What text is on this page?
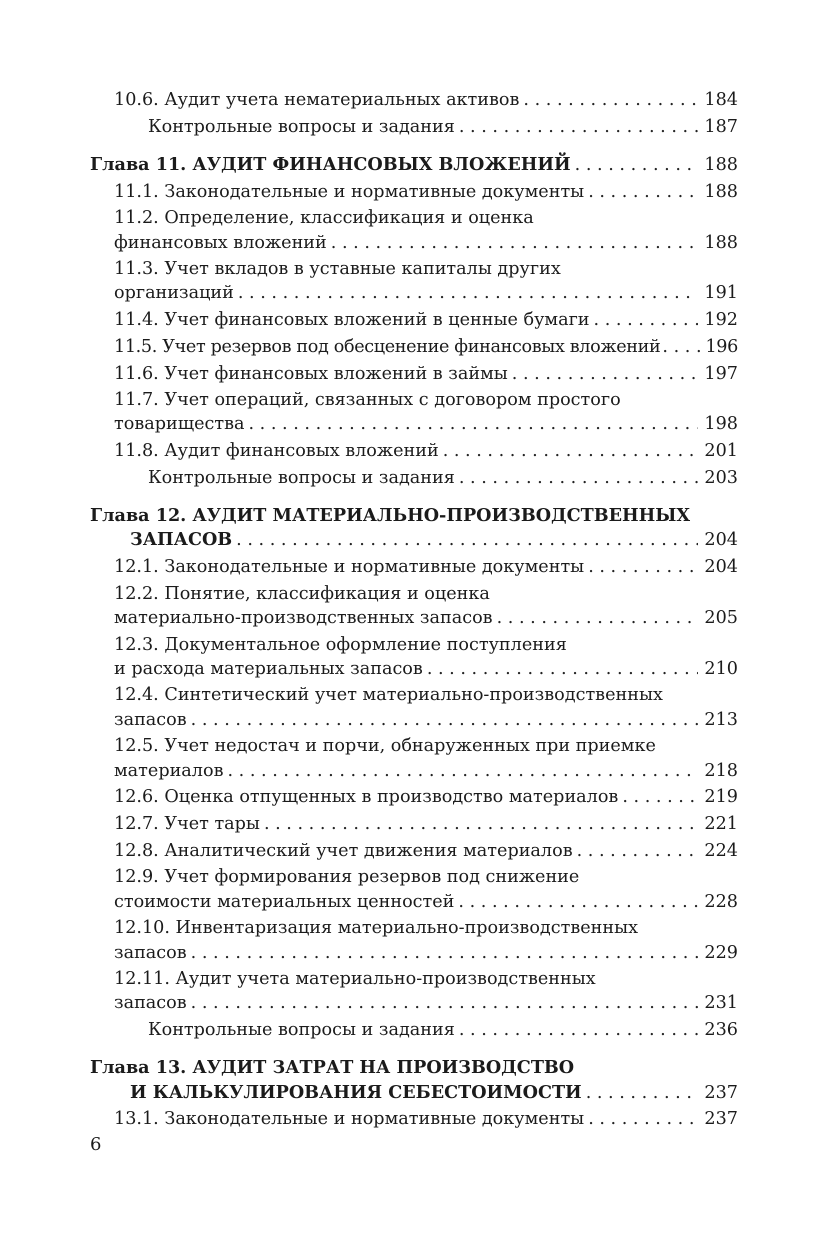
10.6. Аудит учета нематериальных активов . . .	184
Контрольные вопросы и задания . . .	187
Глава 11. АУДИТ ФИНАНСОВЫХ ВЛОЖЕНИЙ . . .	188
11.1. Законодательные и нормативные документы . . .	188
11.2. Определение, классификация и оценка
финансовых вложений . . .	188
11.3. Учет вкладов в уставные капиталы других
организаций . . .	191
11.4. Учет финансовых вложений в ценные бумаги . . .	192
11.5. Учет резервов под обесценение финансовых вложений . . .	196
11.6. Учет финансовых вложений в займы . . .	197
11.7. Учет операций, связанных с договором простого
товарищества . . .	198
11.8. Аудит финансовых вложений . . .	201
Контрольные вопросы и задания . . .	203
Глава 12. АУДИТ МАТЕРИАЛЬНО-ПРОИЗВОДСТВЕННЫХ
ЗАПАСОВ . . .	204
12.1. Законодательные и нормативные документы . . .	204
12.2. Понятие, классификация и оценка
материально-производственных запасов . . .	205
12.3. Документальное оформление поступления
и расхода материальных запасов . . .	210
12.4. Синтетический учет материально-производственных
запасов . . .	213
12.5. Учет недостач и порчи, обнаруженных при приемке
материалов . . .	218
12.6. Оценка отпущенных в производство материалов . . .	219
12.7. Учет тары . . .	221
12.8. Аналитический учет движения материалов . . .	224
12.9. Учет формирования резервов под снижение
стоимости материальных ценностей . . .	228
12.10. Инвентаризация материально-производственных
запасов . . .	229
12.11. Аудит учета материально-производственных
запасов . . .	231
Контрольные вопросы и задания . . .	236
Глава 13. АУДИТ ЗАТРАТ НА ПРОИЗВОДСТВО
И КАЛЬКУЛИРОВАНИЯ СЕБЕСТОИМОСТИ . . .	237
13.1. Законодательные и нормативные документы . . .	237
6
